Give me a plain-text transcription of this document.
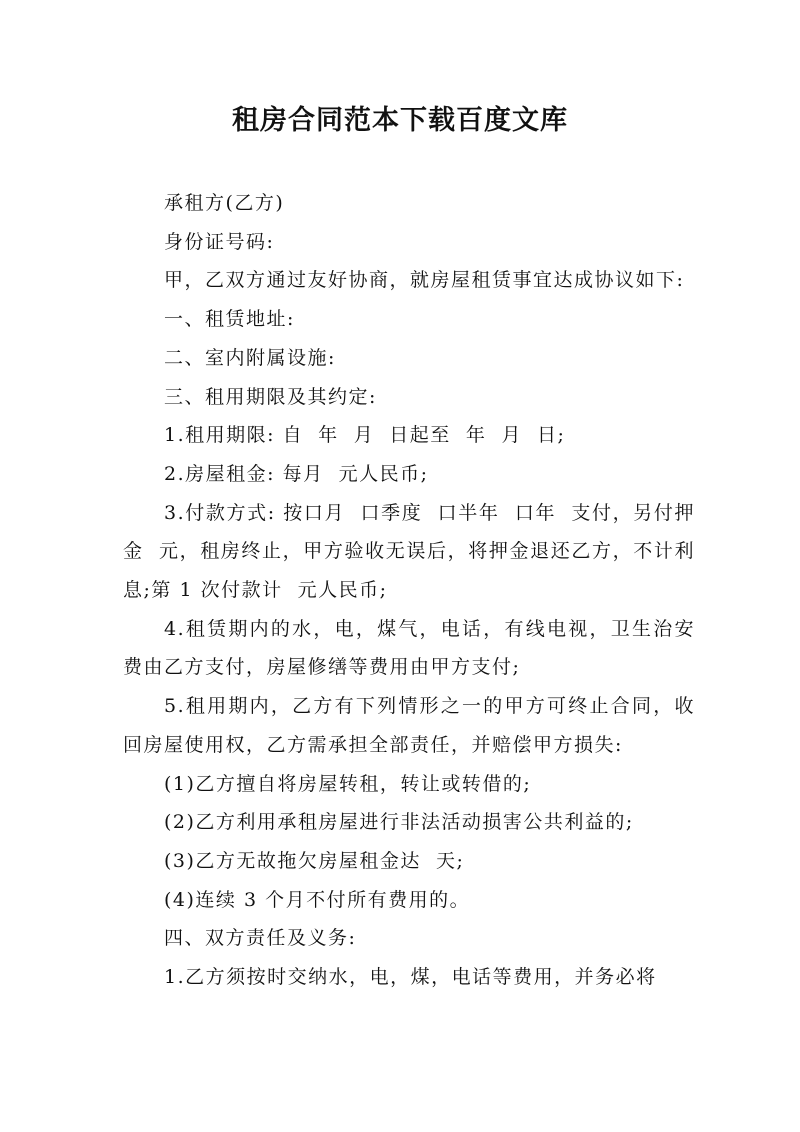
租房合同范本下载百度文库

承租方(乙方)

身份证号码:

甲，乙双方通过友好协商，就房屋租赁事宜达成协议如下:

一、租赁地址:

二、室内附属设施:

三、租用期限及其约定:

1.租用期限: 自  年  月  日起至  年  月  日;

2.房屋租金: 每月  元人民币;

3.付款方式: 按口月  口季度  口半年  口年  支付，另付押金  元，租房终止，甲方验收无误后，将押金退还乙方，不计利息;第 1 次付款计  元人民币;

4.租赁期内的水，电，煤气，电话，有线电视，卫生治安费由乙方支付，房屋修缮等费用由甲方支付;

5.租用期内，乙方有下列情形之一的甲方可终止合同，收回房屋使用权，乙方需承担全部责任，并赔偿甲方损失:

(1)乙方擅自将房屋转租，转让或转借的;

(2)乙方利用承租房屋进行非法活动损害公共利益的;

(3)乙方无故拖欠房屋租金达  天;

(4)连续 3 个月不付所有费用的。

四、双方责任及义务:

1.乙方须按时交纳水，电，煤，电话等费用，并务必将
